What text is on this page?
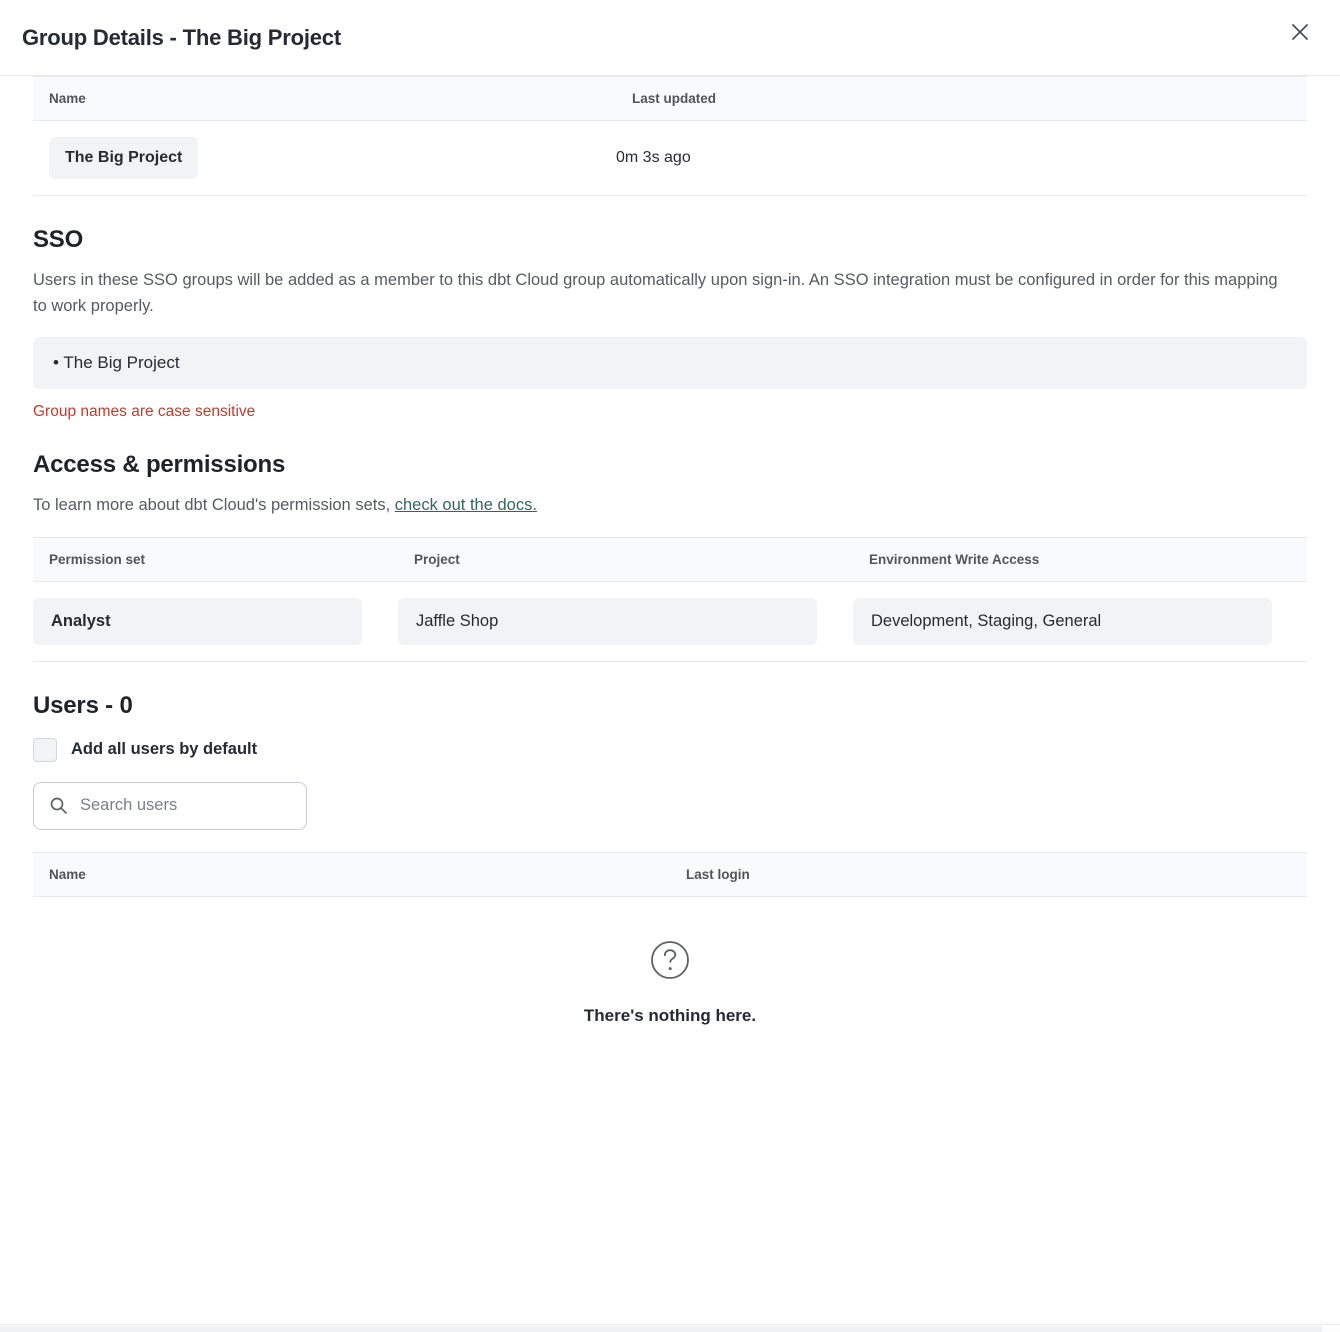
Group Details - The Big Project
Name	Last updated
The Big Project	0m 3s ago
SSO

Users in these SSO groups will be added as a member to this dbt Cloud group automatically upon sign-in. An SSO integration must be configured in order for this mapping to work properly.

• The Big Project
Group names are case sensitive
Access & permissions

To learn more about dbt Cloud's permission sets, check out the docs.

Permission set	Project	Environment Write Access

Analyst	Jaffle Shop	Development, Staging, General
Users - 0
Add all users by default
Search users
Name	Last login
There's nothing here.
